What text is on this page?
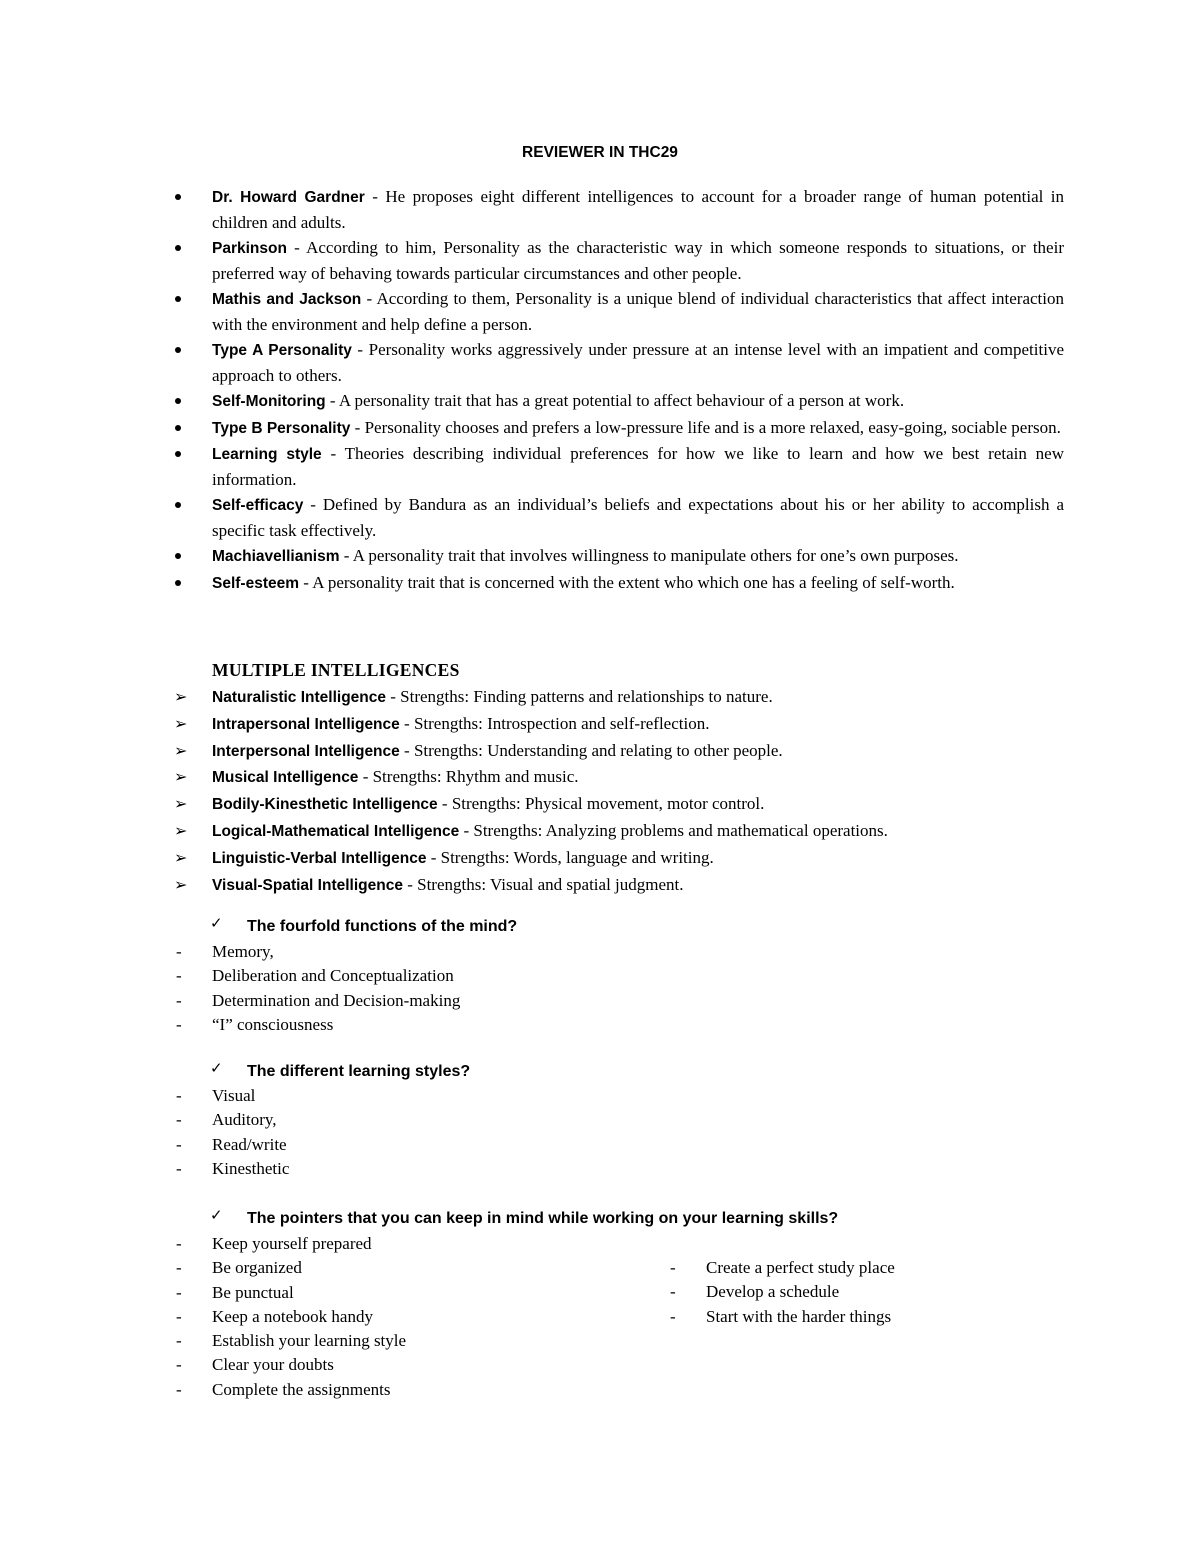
REVIEWER IN THC29
Dr. Howard Gardner - He proposes eight different intelligences to account for a broader range of human potential in children and adults.
Parkinson - According to him, Personality as the characteristic way in which someone responds to situations, or their preferred way of behaving towards particular circumstances and other people.
Mathis and Jackson - According to them, Personality is a unique blend of individual characteristics that affect interaction with the environment and help define a person.
Type A Personality - Personality works aggressively under pressure at an intense level with an impatient and competitive approach to others.
Self-Monitoring - A personality trait that has a great potential to affect behaviour of a person at work.
Type B Personality - Personality chooses and prefers a low-pressure life and is a more relaxed, easy-going, sociable person.
Learning style - Theories describing individual preferences for how we like to learn and how we best retain new information.
Self-efficacy - Defined by Bandura as an individual’s beliefs and expectations about his or her ability to accomplish a specific task effectively.
Machiavellianism - A personality trait that involves willingness to manipulate others for one’s own purposes.
Self-esteem - A personality trait that is concerned with the extent who which one has a feeling of self-worth.
MULTIPLE INTELLIGENCES
➢ Naturalistic Intelligence - Strengths: Finding patterns and relationships to nature.
➢ Intrapersonal Intelligence - Strengths: Introspection and self-reflection.
➢ Interpersonal Intelligence - Strengths: Understanding and relating to other people.
➢ Musical Intelligence - Strengths: Rhythm and music.
➢ Bodily-Kinesthetic Intelligence - Strengths: Physical movement, motor control.
➢ Logical-Mathematical Intelligence - Strengths: Analyzing problems and mathematical operations.
➢ Linguistic-Verbal Intelligence - Strengths: Words, language and writing.
➢ Visual-Spatial Intelligence - Strengths: Visual and spatial judgment.
✓ The fourfold functions of the mind?
- Memory,
- Deliberation and Conceptualization
- Determination and Decision-making
- “I” consciousness
✓ The different learning styles?
- Visual
- Auditory,
- Read/write
- Kinesthetic
✓ The pointers that you can keep in mind while working on your learning skills?
- Keep yourself prepared
- Be organized
- Be punctual
- Keep a notebook handy
- Establish your learning style
- Clear your doubts
- Complete the assignments
- Create a perfect study place
- Develop a schedule
- Start with the harder things
